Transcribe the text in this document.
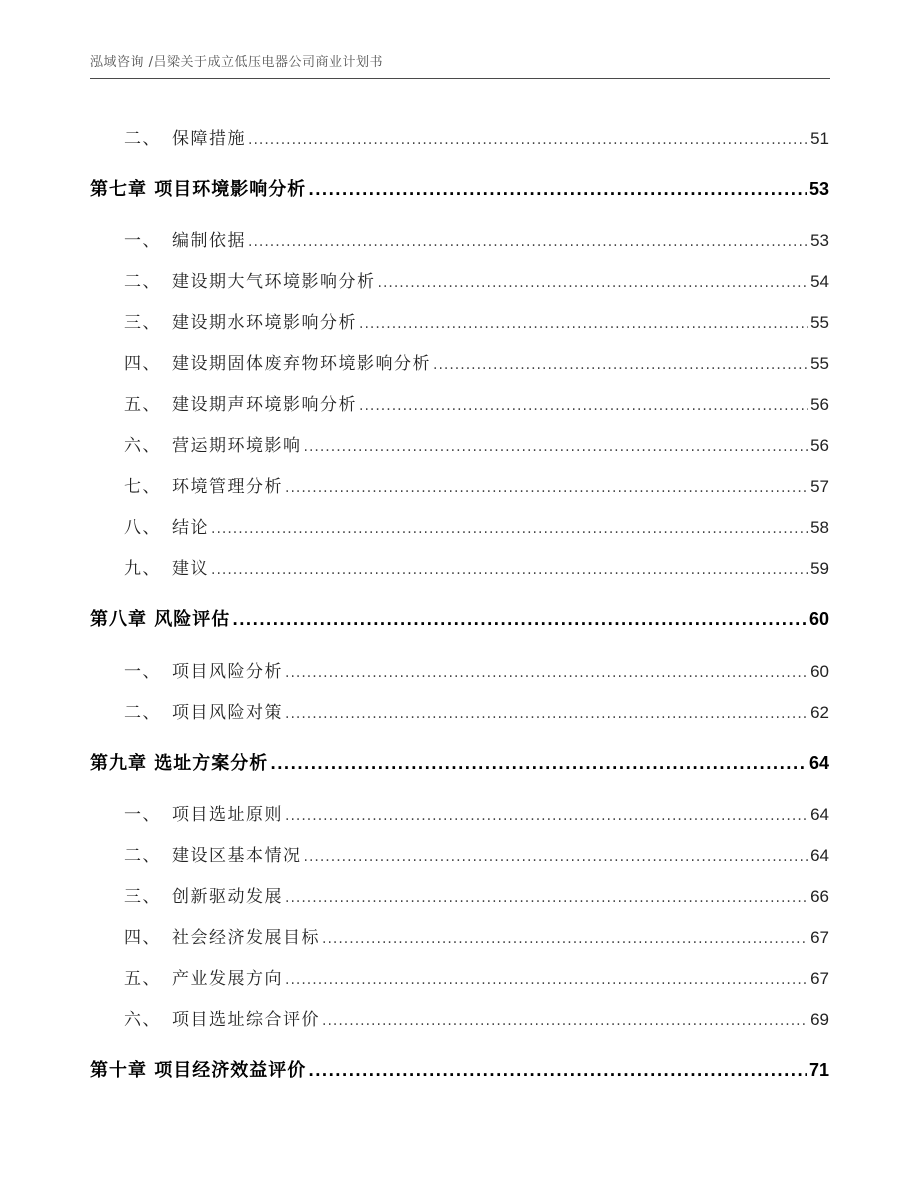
泓域咨询 /吕梁关于成立低压电器公司商业计划书
二、 保障措施 .....	51
第七章 项目环境影响分析 .....	53
一、 编制依据 .....	53
二、 建设期大气环境影响分析 .....	54
三、 建设期水环境影响分析 .....	55
四、 建设期固体废弃物环境影响分析 .....	55
五、 建设期声环境影响分析 .....	56
六、 营运期环境影响 .....	56
七、 环境管理分析 .....	57
八、 结论 .....	58
九、 建议 .....	59
第八章 风险评估 .....	60
一、 项目风险分析 .....	60
二、 项目风险对策 .....	62
第九章 选址方案分析 .....	64
一、 项目选址原则 .....	64
二、 建设区基本情况 .....	64
三、 创新驱动发展 .....	66
四、 社会经济发展目标 .....	67
五、 产业发展方向 .....	67
六、 项目选址综合评价 .....	69
第十章 项目经济效益评价 .....	71
